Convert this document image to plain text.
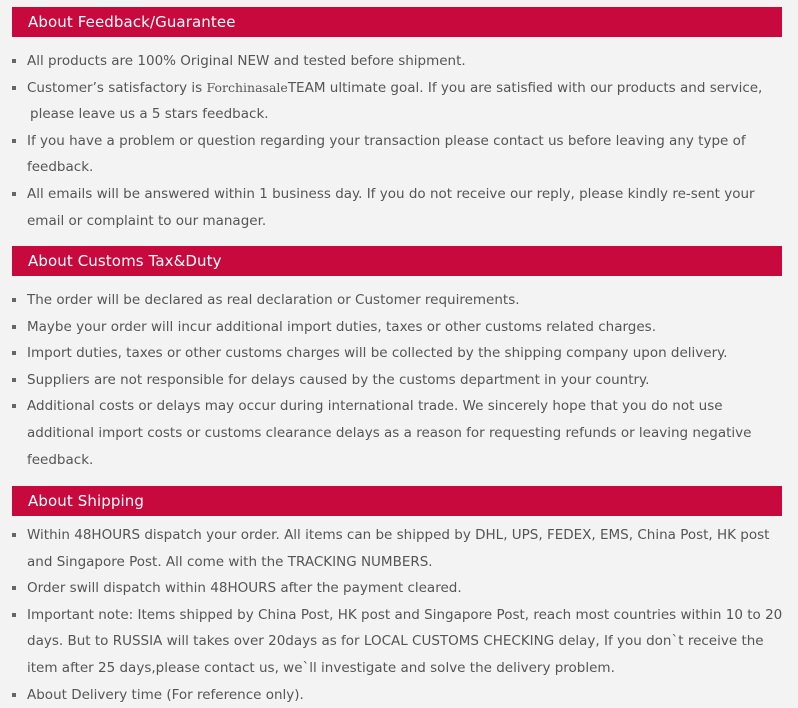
About Feedback/Guarantee
All products are 100% Original NEW and tested before shipment.
Customer’s satisfactory is ForchinasaleTEAM ultimate goal. If you are satisfied with our products and service,
please leave us a 5 stars feedback.
If you have a problem or question regarding your transaction please contact us before leaving any type of feedback.
All emails will be answered within 1 business day. If you do not receive our reply, please kindly re-sent your email or complaint to our manager.
About Customs Tax&Duty
The order will be declared as real declaration or Customer requirements.
Maybe your order will incur additional import duties, taxes or other customs related charges.
Import duties, taxes or other customs charges will be collected by the shipping company upon delivery.
Suppliers are not responsible for delays caused by the customs department in your country.
Additional costs or delays may occur during international trade. We sincerely hope that you do not use additional import costs or customs clearance delays as a reason for requesting refunds or leaving negative feedback.
About Shipping
Within 48HOURS dispatch your order. All items can be shipped by DHL, UPS, FEDEX, EMS, China Post, HK post and Singapore Post. All come with the TRACKING NUMBERS.
Order swill dispatch within 48HOURS after the payment cleared.
Important note: Items shipped by China Post, HK post and Singapore Post, reach most countries within 10 to 20 days. But to RUSSIA will takes over 20days as for LOCAL CUSTOMS CHECKING delay, If you don`t receive the item after 25 days,please contact us, we`ll investigate and solve the delivery problem.
About Delivery time (For reference only).
